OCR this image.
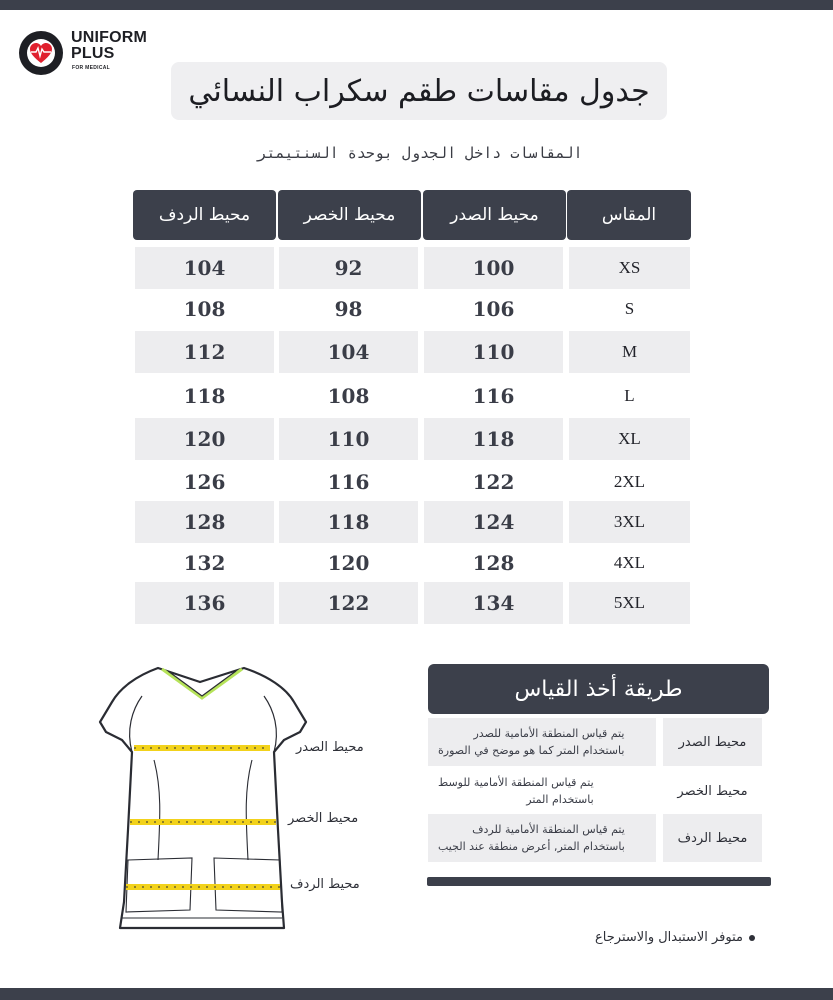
UNIFORM
PLUS
FOR MEDICAL
جدول مقاسات طقم سكراب النسائي
المقاسات داخل الجدول بوحدة السنتيمتر
محيط الردف	محيط الخصر	محيط الصدر	المقاس
104	92	100	XS
108	98	106	S
112	104	110	M
118	108	116	L
120	110	118	XL
126	116	122	2XL
128	118	124	3XL
132	120	128	4XL
136	122	134	5XL
محيط الصدر
محيط الخصر
محيط الردف
طريقة أخذ القياس
يتم قياس المنطقة الأمامية للصدر
باستخدام المتر كما هو موضح في الصورة
محيط الصدر
يتم قياس المنطقة الأمامية للوسط
باستخدام المتر
محيط الخصر
يتم قياس المنطقة الأمامية للردف
باستخدام المتر, أعرض منطقة عند الجيب
محيط الردف
متوفر الاستبدال والاسترجاع
